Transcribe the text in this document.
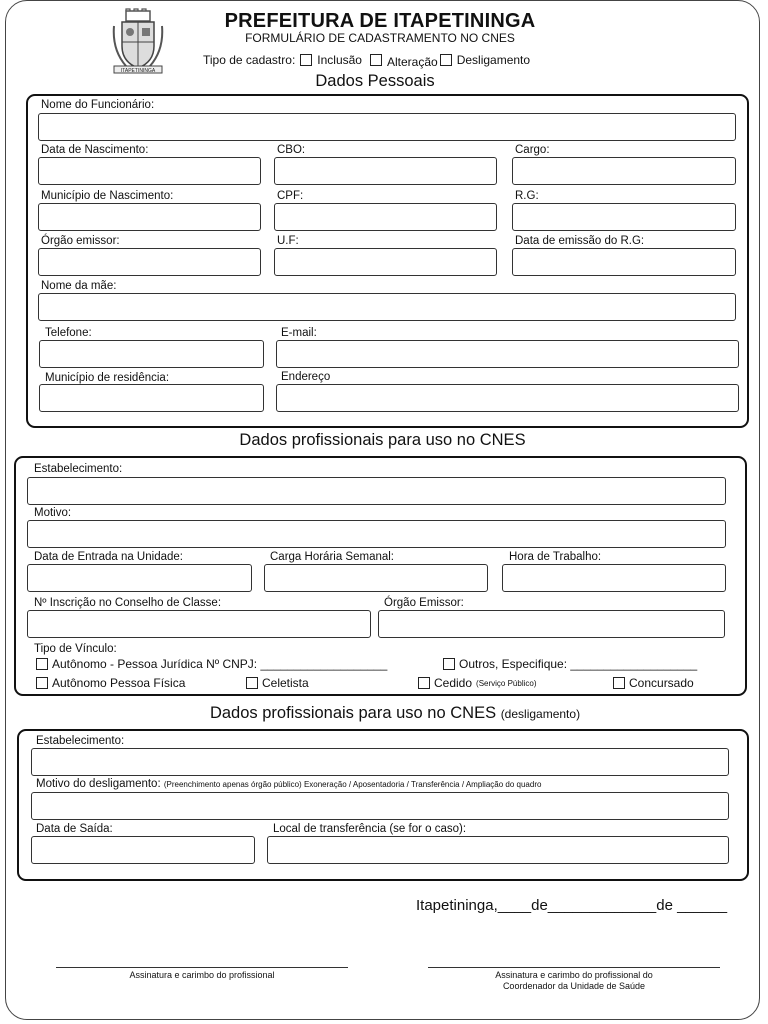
ITAPETININGA
PREFEITURA DE ITAPETININGA
FORMULÁRIO DE CADASTRAMENTO NO CNES
Tipo de cadastro: Inclusão Alteração Desligamento
Dados Pessoais
Nome do Funcionário:
Data de Nascimento:	CBO:	Cargo:
Município de Nascimento:	CPF:	R.G:
Órgão emissor:	U.F:	Data de emissão do R.G:
Nome da mãe:
Telefone:	E-mail:
Município de residência:	Endereço
Dados profissionais para uso no CNES
Estabelecimento:
Motivo:
Data de Entrada na Unidade:	Carga Horária Semanal:	Hora de Trabalho:
Nº Inscrição no Conselho de Classe:	Órgão Emissor:
Tipo de Vínculo:
Autônomo - Pessoa Jurídica Nº CNPJ: ___________________	Outros, Especifique: ___________________
Autônomo Pessoa Física	Celetista	Cedido (Serviço Público)	Concursado
Dados profissionais para uso no CNES (desligamento)
Estabelecimento:
Motivo do desligamento: (Preenchimento apenas órgão público) Exoneração / Aposentadoria / Transferência / Ampliação do quadro
Data de Saída:	Local de transferência (se for o caso):
Itapetininga,____de_____________de ______
Assinatura e carimbo do profissional	Assinatura e carimbo do profissional do
Coordenador da Unidade de Saúde
